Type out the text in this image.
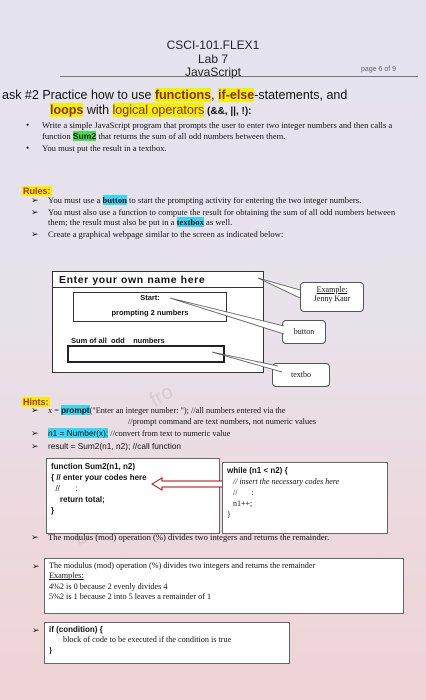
fro
CSCI-101.FLEX1
Lab 7
JavaScript	page 6 of 9
ask #2 Practice how to use functions, if-else-statements, and
loops with logical operators (&&, ||, !):
• Write a simple JavaScript program that prompts the user to enter two integer numbers and then calls a function Sum2 that returns the sum of all odd numbers between them.
• You must put the result in a textbox.
Rules:
➢ You must use a button to start the prompting activity for entering the two integer numbers.
➢ You must also use a function to compute the result for obtaining the sum of all odd numbers between them; the result must also be put in a textbox as well.
➢ Create a graphical webpage similar to the screen as indicated below:
Enter your own name here
Start:
prompting 2 numbers
Sum of all  odd    numbers
Example:
Jenny Kaur
button
textbo
Hints:
➢ x = prompt("Enter an integer number: "); //all numbers entered via the
//prompt command are text numbers, not numeric values
➢ n1 = Number(x); //convert from text to numeric value
➢ result = Sum2(n1, n2); //call function
function Sum2(n1, n2)
{ // enter your codes here
//       :
return total;
}
while (n1 < n2) {
// insert the necessary codes here
//       :
n1++;
}
➢ The modulus (mod) operation (%) divides two integers and returns the remainder.
➢ The modulus (mod) operation (%) divides two integers and returns the remainder
Examples:
4%2 is 0 because 2 evenly divides 4
5%2 is 1 because 2 into 5 leaves a remainder of 1
➢ if (condition) {
block of code to be executed if the condition is true
}
